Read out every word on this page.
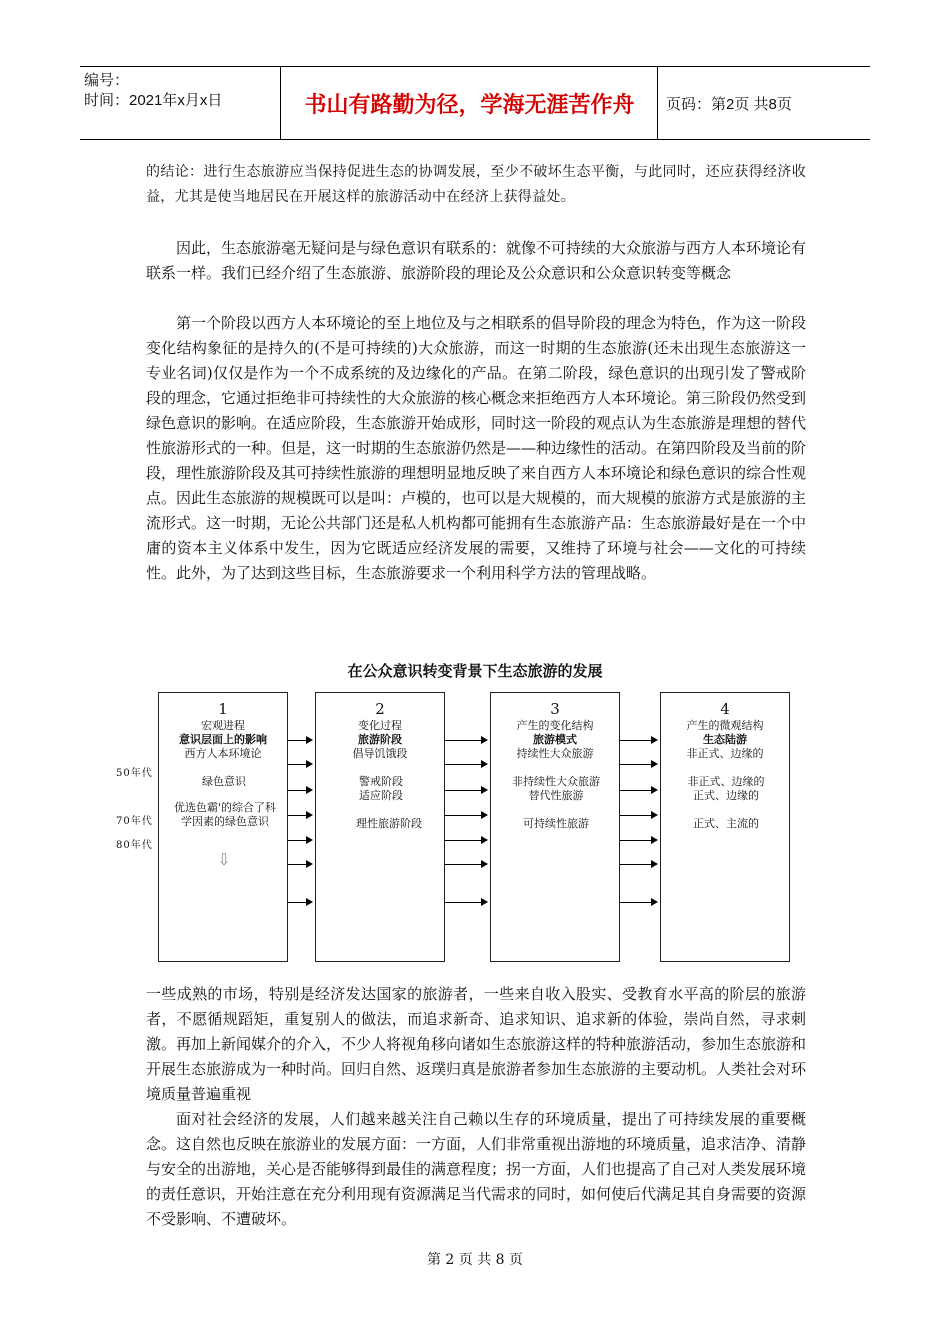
编号：
时间：2021年x月x日	书山有路勤为径，学海无涯苦作舟	页码：第2页 共8页

的结论：进行生态旅游应当保持促进生态的协调发展，至少不破坏生态平衡，与此同时，还应获得经济收益，尤其是使当地居民在开展这样的旅游活动中在经济上获得益处。

因此，生态旅游毫无疑问是与绿色意识有联系的：就像不可持续的大众旅游与西方人本环境论有联系一样。我们已经介绍了生态旅游、旅游阶段的理论及公众意识和公众意识转变等概念

第一个阶段以西方人本环境论的至上地位及与之相联系的倡导阶段的理念为特色，作为这一阶段变化结构象征的是持久的(不是可持续的)大众旅游，而这一时期的生态旅游(还未出现生态旅游这一专业名词)仅仅是作为一个不成系统的及边缘化的产品。在第二阶段，绿色意识的出现引发了警戒阶段的理念，它通过拒绝非可持续性的大众旅游的核心概念来拒绝西方人本环境论。第三阶段仍然受到绿色意识的影响。在适应阶段，生态旅游开始成形，同时这一阶段的观点认为生态旅游是理想的替代性旅游形式的一种。但是，这一时期的生态旅游仍然是——种边缘性的活动。在第四阶段及当前的阶段，理性旅游阶段及其可持续性旅游的理想明显地反映了来自西方人本环境论和绿色意识的综合性观点。因此生态旅游的规模既可以是叫：卢模的，也可以是大规模的，而大规模的旅游方式是旅游的主流形式。这一时期，无论公共部门还是私人机构都可能拥有生态旅游产品：生态旅游最好是在一个中庸的资本主义体系中发生，因为它既适应经济发展的需要，又维持了环境与社会——文化的可持续性。此外，为了达到这些目标，生态旅游要求一个利用科学方法的管理战略。

在公众意识转变背景下生态旅游的发展
50年代
70年代
80年代
1
宏观进程
意识层面上的影响
西方人本环境论
绿色意识
优选色霸'的综合了科学因素的绿色意识
⇩
2
变化过程
旅游阶段
倡导饥饿段
警戒阶段
适应阶段
理性旅游阶段
3
产生的变化结构
旅游模式
持续性大众旅游
非持续性大众旅游
替代性旅游
可持续性旅游
4
产生的微观结构
生态陆游
非正式、边缘的
非正式、边缘的
正式、边缘的
正式、主流的

一些成熟的市场，特别是经济发达国家的旅游者，一些来自收入股实、受教育水平高的阶层的旅游者，不愿循规蹈矩，重复别人的做法，而追求新奇、追求知识、追求新的体验，崇尚自然，寻求刺激。再加上新闻媒介的介入，不少人将视角移向诸如生态旅游这样的特种旅游活动，参加生态旅游和开展生态旅游成为一种时尚。回归自然、返璞归真是旅游者参加生态旅游的主要动机。人类社会对环境质量普遍重视

面对社会经济的发展，人们越来越关注自己赖以生存的环境质量，提出了可持续发展的重要概念。这自然也反映在旅游业的发展方面：一方面，人们非常重视出游地的环境质量，追求洁净、清静与安全的出游地，关心是否能够得到最佳的满意程度；拐一方面，人们也提高了自己对人类发展环境的责任意识，开始注意在充分利用现有资源满足当代需求的同时，如何使后代满足其自身需要的资源不受影响、不遭破坏。

第 2 页 共 8 页
